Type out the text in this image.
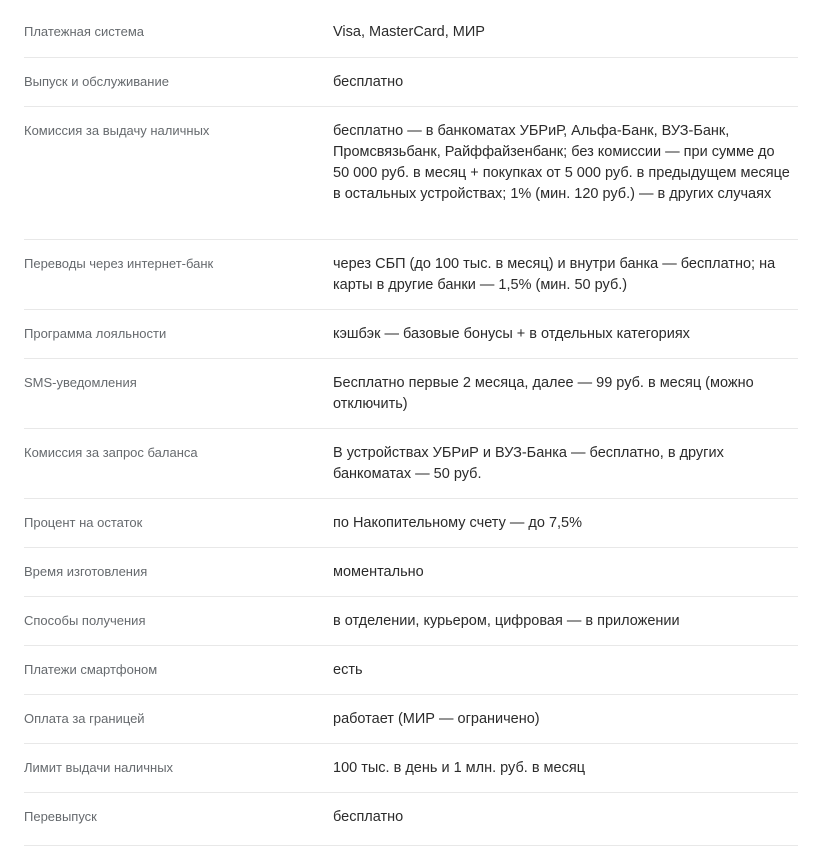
Платежная система	Visa, MasterCard, МИР
Выпуск и обслуживание	бесплатно
Комиссия за выдачу наличных	бесплатно — в банкоматах УБРиР, Альфа-Банк, ВУЗ-Банк, Промсвязьбанк, Райффайзенбанк; без комиссии — при сумме до 50 000 руб. в месяц + покупках от 5 000 руб. в предыдущем месяце в остальных устройствах; 1% (мин. 120 руб.) — в других случаях
Переводы через интернет-банк	через СБП (до 100 тыс. в месяц) и внутри банка — бесплатно; на карты в другие банки — 1,5% (мин. 50 руб.)
Программа лояльности	кэшбэк — базовые бонусы + в отдельных категориях
SMS-уведомления	Бесплатно первые 2 месяца, далее — 99 руб. в месяц (можно отключить)
Комиссия за запрос баланса	В устройствах УБРиР и ВУЗ-Банка — бесплатно, в других банкоматах — 50 руб.
Процент на остаток	по Накопительному счету — до 7,5%
Время изготовления	моментально
Способы получения	в отделении, курьером, цифровая — в приложении
Платежи смартфоном	есть
Оплата за границей	работает (МИР — ограничено)
Лимит выдачи наличных	100 тыс. в день и 1 млн. руб. в месяц
Перевыпуск	бесплатно
